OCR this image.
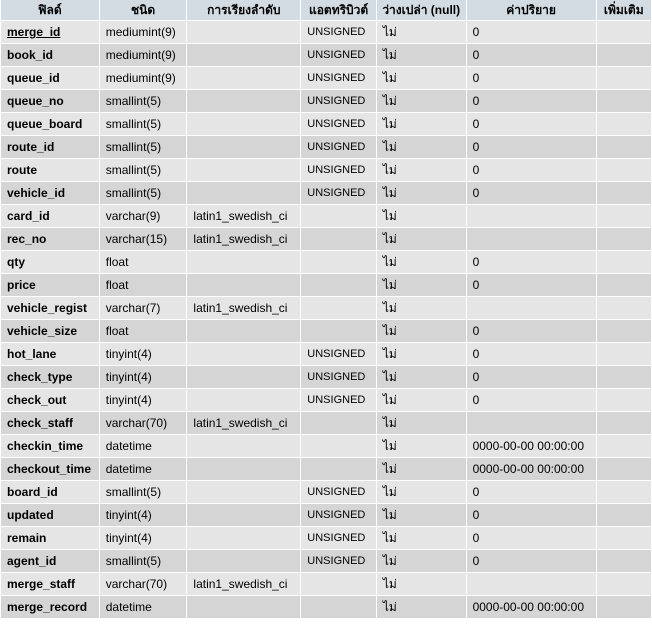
ฟิลด์	ชนิด	การเรียงลำดับ	แอตทริบิวต์	ว่างเปล่า (null)	ค่าปริยาย	เพิ่มเติม
merge_id	mediumint(9)		UNSIGNED	ไม่	0	
book_id	mediumint(9)		UNSIGNED	ไม่	0	
queue_id	mediumint(9)		UNSIGNED	ไม่	0	
queue_no	smallint(5)		UNSIGNED	ไม่	0	
queue_board	smallint(5)		UNSIGNED	ไม่	0	
route_id	smallint(5)		UNSIGNED	ไม่	0	
route	smallint(5)		UNSIGNED	ไม่	0	
vehicle_id	smallint(5)		UNSIGNED	ไม่	0	
card_id	varchar(9)	latin1_swedish_ci		ไม่		
rec_no	varchar(15)	latin1_swedish_ci		ไม่		
qty	float			ไม่	0	
price	float			ไม่	0	
vehicle_regist	varchar(7)	latin1_swedish_ci		ไม่		
vehicle_size	float			ไม่	0	
hot_lane	tinyint(4)		UNSIGNED	ไม่	0	
check_type	tinyint(4)		UNSIGNED	ไม่	0	
check_out	tinyint(4)		UNSIGNED	ไม่	0	
check_staff	varchar(70)	latin1_swedish_ci		ไม่		
checkin_time	datetime			ไม่	0000-00-00 00:00:00	
checkout_time	datetime			ไม่	0000-00-00 00:00:00	
board_id	smallint(5)		UNSIGNED	ไม่	0	
updated	tinyint(4)		UNSIGNED	ไม่	0	
remain	tinyint(4)		UNSIGNED	ไม่	0	
agent_id	smallint(5)		UNSIGNED	ไม่	0	
merge_staff	varchar(70)	latin1_swedish_ci		ไม่		
merge_record	datetime			ไม่	0000-00-00 00:00:00	
